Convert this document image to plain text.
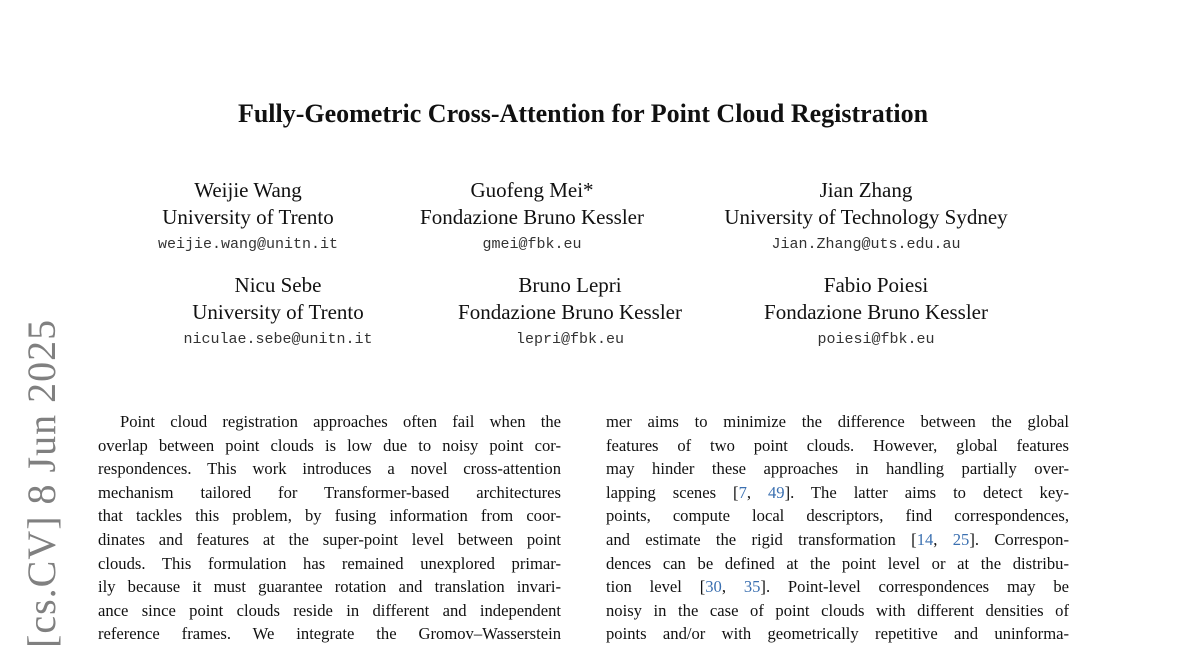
[cs.CV] 8 Jun 2025
Fully-Geometric Cross-Attention for Point Cloud Registration
Weijie Wang
University of Trento
weijie.wang@unitn.it
Guofeng Mei*
Fondazione Bruno Kessler
gmei@fbk.eu
Jian Zhang
University of Technology Sydney
Jian.Zhang@uts.edu.au
Nicu Sebe
University of Trento
niculae.sebe@unitn.it
Bruno Lepri
Fondazione Bruno Kessler
lepri@fbk.eu
Fabio Poiesi
Fondazione Bruno Kessler
poiesi@fbk.eu
Point cloud registration approaches often fail when the
overlap between point clouds is low due to noisy point cor-
respondences. This work introduces a novel cross-attention
mechanism tailored for Transformer-based architectures
that tackles this problem, by fusing information from coor-
dinates and features at the super-point level between point
clouds. This formulation has remained unexplored primar-
ily because it must guarantee rotation and translation invari-
ance since point clouds reside in different and independent
reference frames. We integrate the Gromov–Wasserstein
mer aims to minimize the difference between the global
features of two point clouds. However, global features
may hinder these approaches in handling partially over-
lapping scenes [7, 49]. The latter aims to detect key-
points, compute local descriptors, find correspondences,
and estimate the rigid transformation [14, 25]. Correspon-
dences can be defined at the point level or at the distribu-
tion level [30, 35]. Point-level correspondences may be
noisy in the case of point clouds with different densities of
points and/or with geometrically repetitive and uninforma-
